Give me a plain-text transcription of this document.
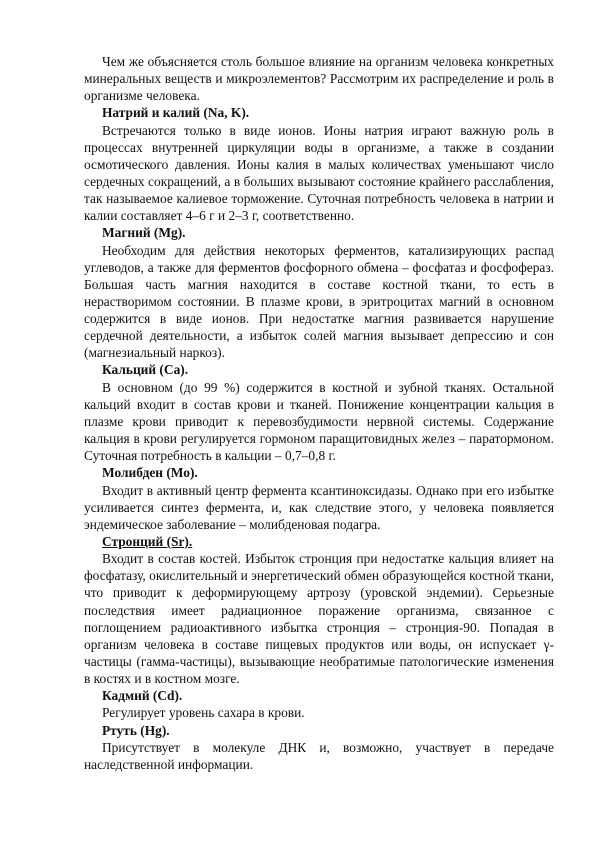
Чем же объясняется столь большое влияние на организм человека конкретных минеральных веществ и микроэлементов? Рассмотрим их распределение и роль в организме человека.

Натрий и калий (Na, K).

Встречаются только в виде ионов. Ионы натрия играют важную роль в процессах внутренней циркуляции воды в организме, а также в создании осмотического давления. Ионы калия в малых количествах уменьшают число сердечных сокращений, а в больших вызывают состояние крайнего расслабления, так называемое калиевое торможение. Суточная потребность человека в натрии и калии составляет 4–6 г и 2–3 г, соответственно.

Магний (Mg).

Необходим для действия некоторых ферментов, катализирующих распад углеводов, а также для ферментов фосфорного обмена – фосфатаз и фосфофераз. Большая часть магния находится в составе костной ткани, то есть в нерастворимом состоянии. В плазме крови, в эритроцитах магний в основном содержится в виде ионов. При недостатке магния развивается нарушение сердечной деятельности, а избыток солей магния вызывает депрессию и сон (магнезиальный наркоз).

Кальций (Са).

В основном (до 99 %) содержится в костной и зубной тканях. Остальной кальций входит в состав крови и тканей. Понижение концентрации кальция в плазме крови приводит к перевозбудимости нервной системы. Содержание кальция в крови регулируется гормоном паращитовидных желез – паратормоном. Суточная потребность в кальции – 0,7–0,8 г.

Молибден (Мо).

Входит в активный центр фермента ксантиноксидазы. Однако при его избытке усиливается синтез фермента, и, как следствие этого, у человека появляется эндемическое заболевание – молибденовая подагра.

Стронций (Sr).

Входит в состав костей. Избыток стронция при недостатке кальция влияет на фосфатазу, окислительный и энергетический обмен образующейся костной ткани, что приводит к деформирующему артрозу (уровской эндемии). Серьезные последствия имеет радиационное поражение организма, связанное с поглощением радиоактивного избытка стронция – стронция-90. Попадая в организм человека в составе пищевых продуктов или воды, он испускает γ-частицы (гамма-частицы), вызывающие необратимые патологические изменения в костях и в костном мозге.

Кадмий (Cd).

Регулирует уровень сахара в крови.

Ртуть (Hg).

Присутствует в молекуле ДНК и, возможно, участвует в передаче наследственной информации.
